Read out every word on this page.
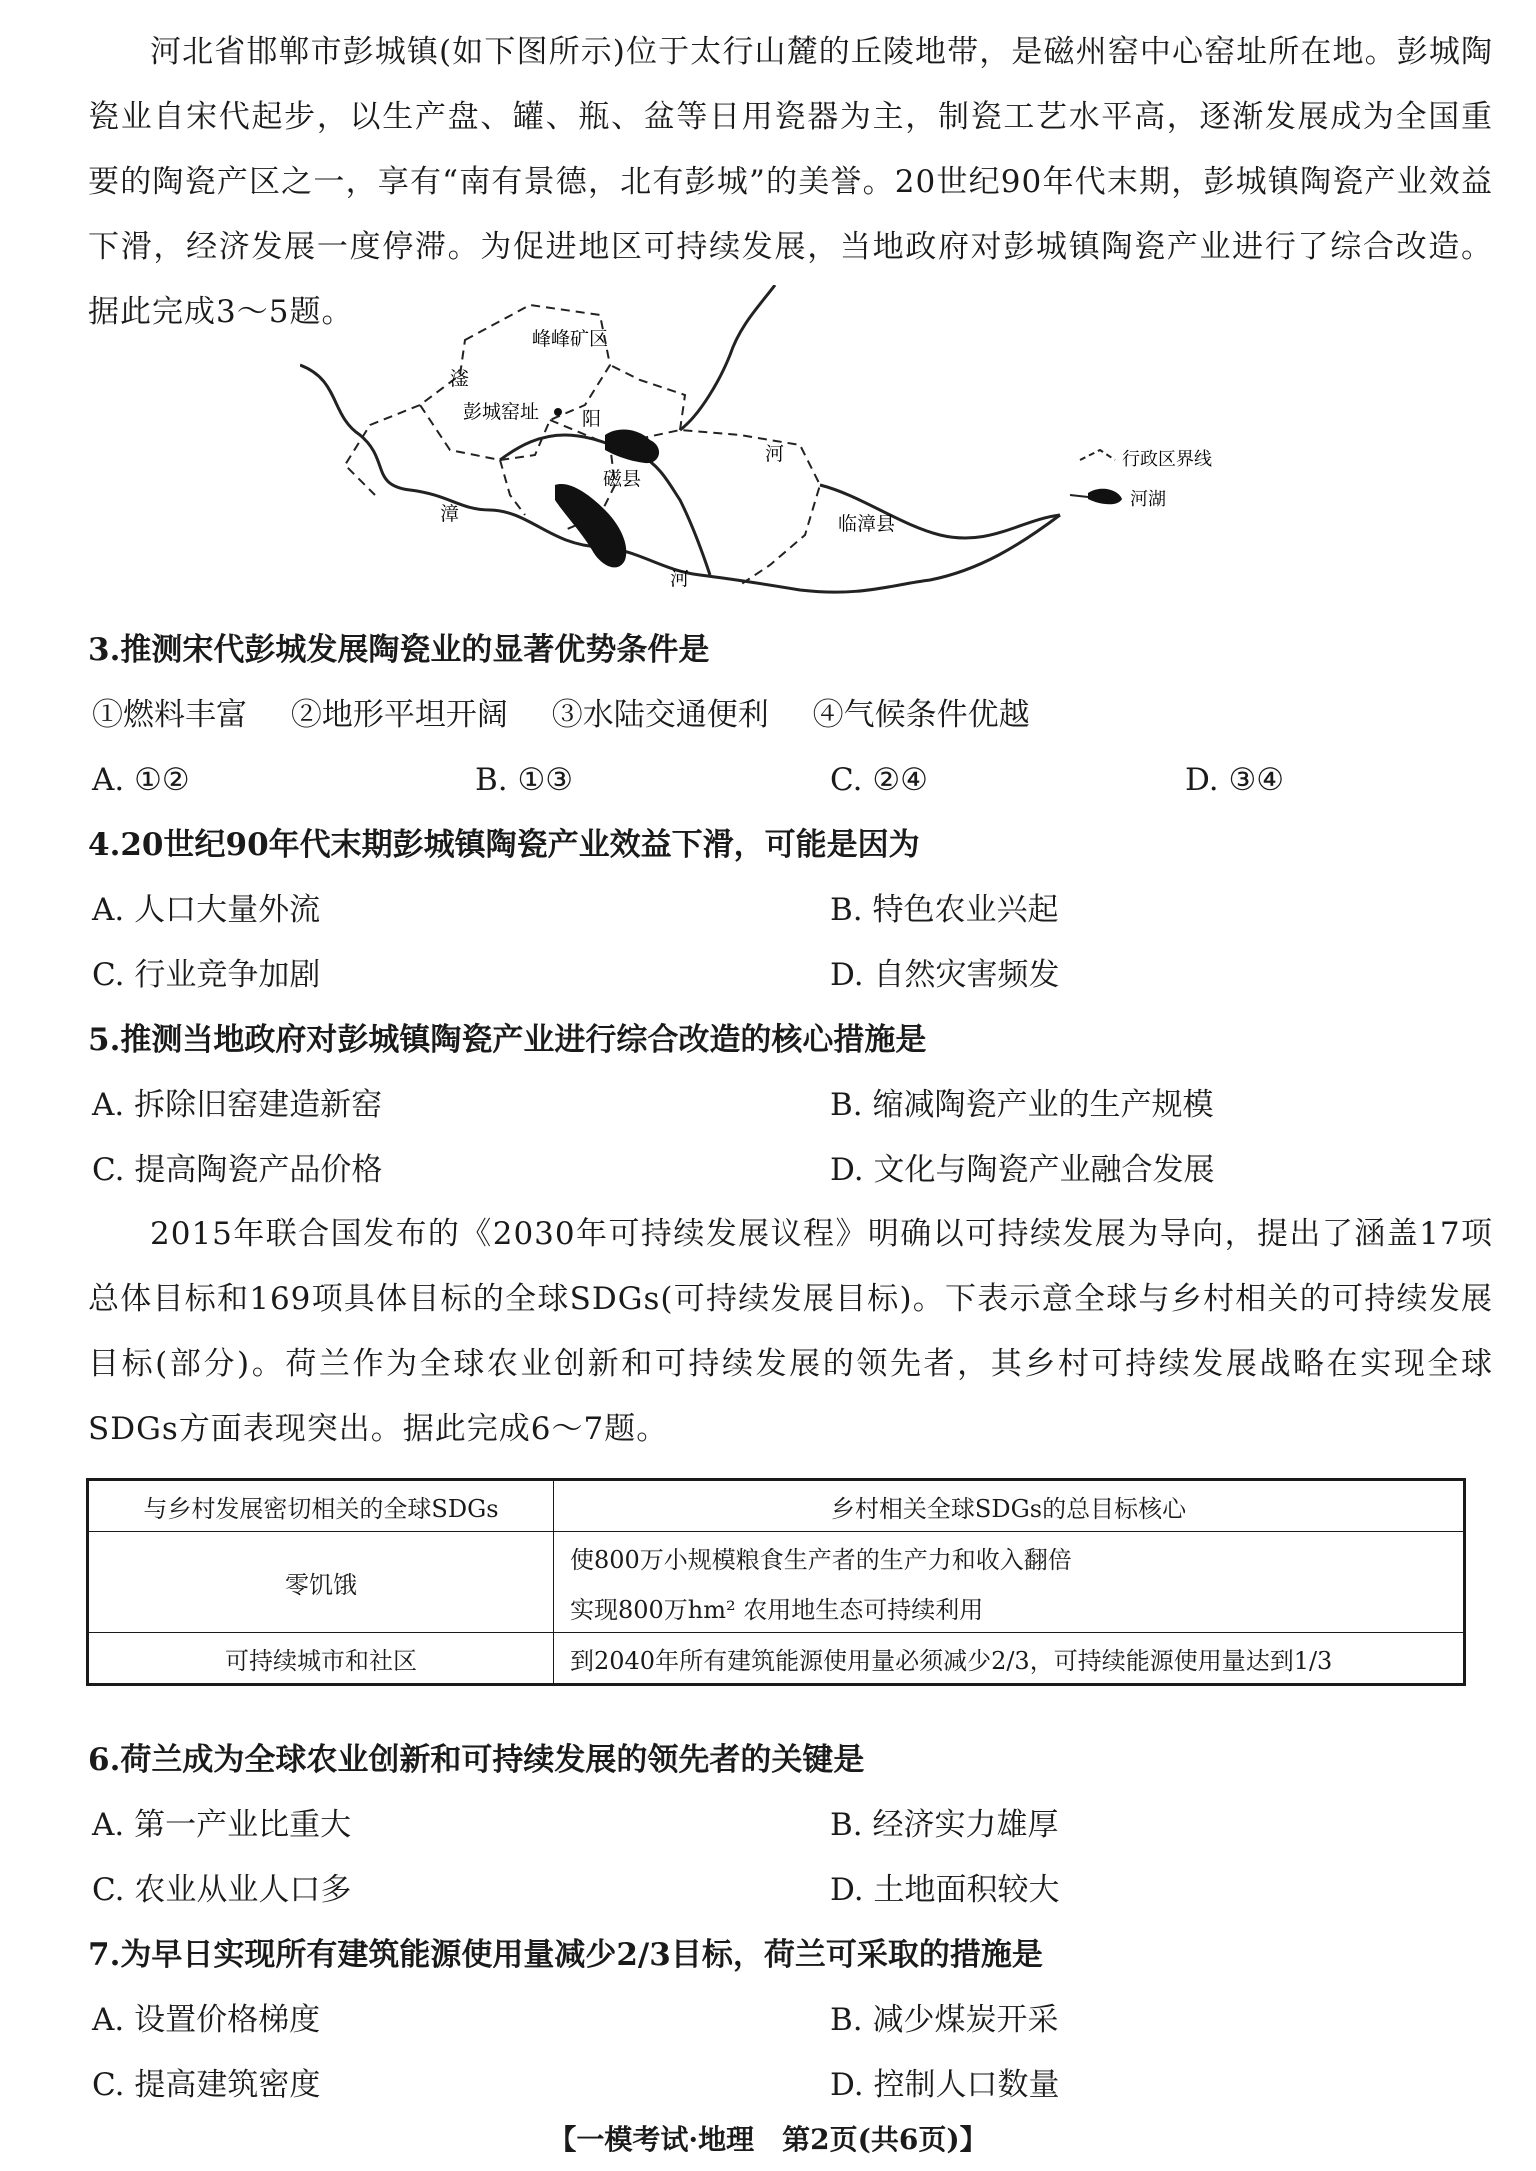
河北省邯郸市彭城镇(如下图所示)位于太行山麓的丘陵地带，是磁州窑中心窑址所在地。彭城陶瓷业自宋代起步，以生产盘、罐、瓶、盆等日用瓷器为主，制瓷工艺水平高，逐渐发展成为全国重要的陶瓷产区之一，享有“南有景德，北有彭城”的美誉。20世纪90年代末期，彭城镇陶瓷产业效益下滑，经济发展一度停滞。为促进地区可持续发展，当地政府对彭城镇陶瓷产业进行了综合改造。据此完成3～5题。

峰峰矿区
彭城窑址
磁县
临漳县
漳
河
滏
阳
河	行政区界线
河湖

3.推测宋代彭城发展陶瓷业的显著优势条件是

①燃料丰富 ②地形平坦开阔 ③水陆交通便利 ④气候条件优越
A. ①②	B. ①③	C. ②④	D. ③④

4.20世纪90年代末期彭城镇陶瓷产业效益下滑，可能是因为

A. 人口大量外流	B. 特色农业兴起
C. 行业竞争加剧	D. 自然灾害频发

5.推测当地政府对彭城镇陶瓷产业进行综合改造的核心措施是

A. 拆除旧窑建造新窑	B. 缩减陶瓷产业的生产规模
C. 提高陶瓷产品价格	D. 文化与陶瓷产业融合发展

2015年联合国发布的《2030年可持续发展议程》明确以可持续发展为导向，提出了涵盖17项总体目标和169项具体目标的全球SDGs(可持续发展目标)。下表示意全球与乡村相关的可持续发展目标(部分)。荷兰作为全球农业创新和可持续发展的领先者，其乡村可持续发展战略在实现全球SDGs方面表现突出。据此完成6～7题。

与乡村发展密切相关的全球SDGs	乡村相关全球SDGs的总目标核心
零饥饿	使800万小规模粮食生产者的生产力和收入翻倍
	实现800万hm² 农用地生态可持续利用
可持续城市和社区	到2040年所有建筑能源使用量必须减少2/3，可持续能源使用量达到1/3

6.荷兰成为全球农业创新和可持续发展的领先者的关键是

A. 第一产业比重大	B. 经济实力雄厚
C. 农业从业人口多	D. 土地面积较大

7.为早日实现所有建筑能源使用量减少2/3目标，荷兰可采取的措施是

A. 设置价格梯度	B. 减少煤炭开采
C. 提高建筑密度	D. 控制人口数量
【一模考试·地理　第2页(共6页)】
